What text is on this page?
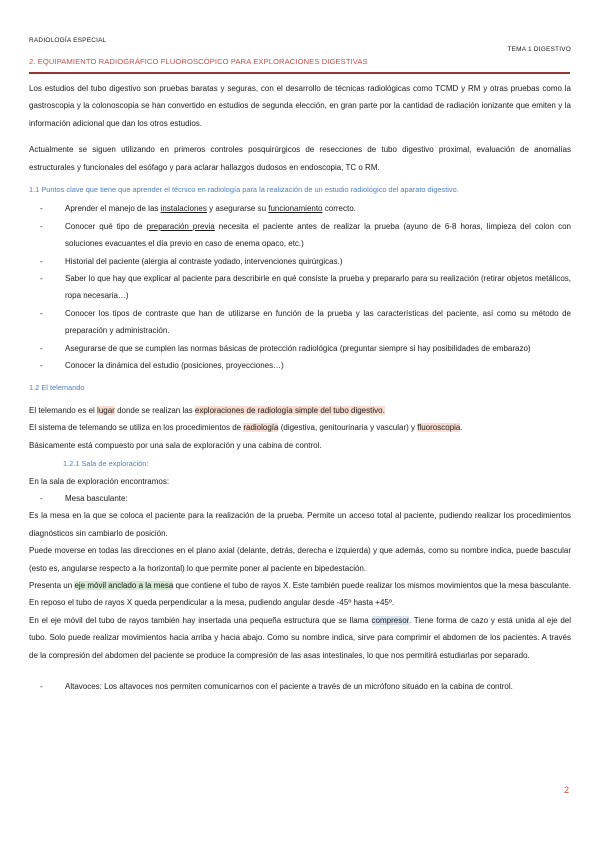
RADIOLOGÍA ESPECIAL
TEMA 1 DIGESTIVO
2. EQUIPAMIENTO RADIOGRÁFICO FLUOROSCÓPICO PARA EXPLORACIONES DIGESTIVAS

Los estudios del tubo digestivo son pruebas baratas y seguras, con el desarrollo de técnicas radiológicas como TCMD y RM y otras pruebas como la gastroscopia y la colonoscopia se han convertido en estudios de segunda elección, en gran parte por la cantidad de radiación ionizante que emiten y la información adicional que dan los otros estudios.

Actualmente se siguen utilizando en primeros controles posquirúrgicos de resecciones de tubo digestivo proximal, evaluación de anomalías estructurales y funcionales del esófago y para aclarar hallazgos dudosos en endoscopia, TC o RM.

1.1 Puntos clave que tiene que aprender el técnico en radiología para la realización de un estudio radiológico del aparato digestivo.

-	Aprender el manejo de las instalaciones y asegurarse su funcionamiento correcto.
-	Conocer qué tipo de preparación previa necesita el paciente antes de realizar la prueba (ayuno de 6-8 horas, limpieza del colon con soluciones evacuantes el día previo en caso de enema opaco, etc.)
-	Historial del paciente (alergia al contraste yodado, intervenciones quirúrgicas.)
-	Saber lo que hay que explicar al paciente para describirle en qué consiste la prueba y prepararlo para su realización (retirar objetos metálicos, ropa necesaria…)
-	Conocer los tipos de contraste que han de utilizarse en función de la prueba y las características del paciente, así como su método de preparación y administración.
-	Asegurarse de que se cumplen las normas básicas de protección radiológica (preguntar siempre si hay posibilidades de embarazo)
-	Conocer la dinámica del estudio (posiciones, proyecciones…)

1.2 El telemando

El telemando es el lugar donde se realizan las exploraciones de radiología simple del tubo digestivo.

El sistema de telemando se utiliza en los procedimientos de radiología (digestiva, genitourinaria y vascular) y fluoroscopia.

Básicamente está compuesto por una sala de exploración y una cabina de control.

1.2.1 Sala de exploración:

En la sala de exploración encontramos:

-	Mesa basculante:

Es la mesa en la que se coloca el paciente para la realización de la prueba. Permite un acceso total al paciente, pudiendo realizar los procedimientos diagnósticos sin cambiarlo de posición.

Puede moverse en todas las direcciones en el plano axial (delante, detrás, derecha e izquierda) y que además, como su nombre indica, puede bascular (esto es, angularse respecto a la horizontal) lo que permite poner al paciente en bipedestación.

Presenta un eje móvil anclado a la mesa que contiene el tubo de rayos X. Este también puede realizar los mismos movimientos que la mesa basculante. En reposo el tubo de rayos X queda perpendicular a la mesa, pudiendo angular desde -45º hasta +45º.

En el eje móvil del tubo de rayos también hay insertada una pequeña estructura que se llama compresor. Tiene forma de cazo y está unida al eje del tubo. Solo puede realizar movimientos hacia arriba y hacia abajo. Como su nombre indica, sirve para comprimir el abdomen de los pacientes. A través de la compresión del abdomen del paciente se produce la compresión de las asas intestinales, lo que nos permitirá estudiarlas por separado.

-	Altavoces: Los altavoces nos permiten comunicarnos con el paciente a través de un micrófono situado en la cabina de control.
2
